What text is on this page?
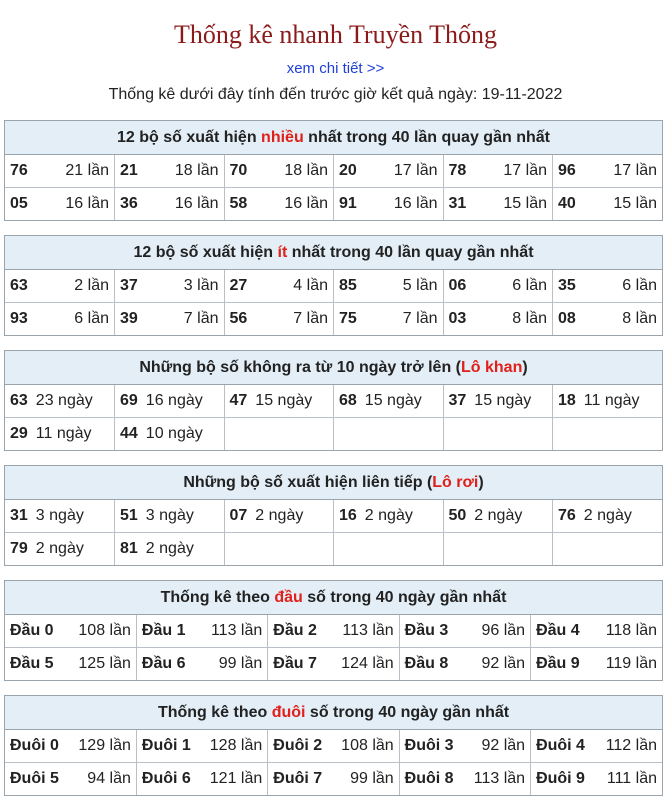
Thống kê nhanh Truyền Thống
xem chi tiết >>
Thống kê dưới đây tính đến trước giờ kết quả ngày: 19-11-2022
12 bộ số xuất hiện nhiều nhất trong 40 lần quay gần nhất
76 21 lần	21 18 lần	70 18 lần	20 17 lần	78 17 lần	96 17 lần

05 16 lần	36 16 lần	58 16 lần	91 16 lần	31 15 lần	40 15 lần
12 bộ số xuất hiện ít nhất trong 40 lần quay gần nhất
63 2 lần	37 3 lần	27 4 lần	85 5 lần	06 6 lần	35 6 lần

93 6 lần	39 7 lần	56 7 lần	75 7 lần	03 8 lần	08 8 lần
Những bộ số không ra từ 10 ngày trở lên (Lô khan)
63 23 ngày	69 16 ngày	47 15 ngày	68 15 ngày	37 15 ngày	18 11 ngày
29 11 ngày	44 10 ngày				
Những bộ số xuất hiện liên tiếp (Lô rơi)
31 3 ngày	51 3 ngày	07 2 ngày	16 2 ngày	50 2 ngày	76 2 ngày
79 2 ngày	81 2 ngày				
Thống kê theo đầu số trong 40 ngày gần nhất
Đầu 0 108 lần	Đầu 1 113 lần	Đầu 2 113 lần	Đầu 3 96 lần	Đầu 4 118 lần

Đầu 5 125 lần	Đầu 6 99 lần	Đầu 7 124 lần	Đầu 8 92 lần	Đầu 9 119 lần
Thống kê theo đuôi số trong 40 ngày gần nhất
Đuôi 0 129 lần	Đuôi 1 128 lần	Đuôi 2 108 lần	Đuôi 3 92 lần	Đuôi 4 112 lần

Đuôi 5 94 lần	Đuôi 6 121 lần	Đuôi 7 99 lần	Đuôi 8 113 lần	Đuôi 9 111 lần
